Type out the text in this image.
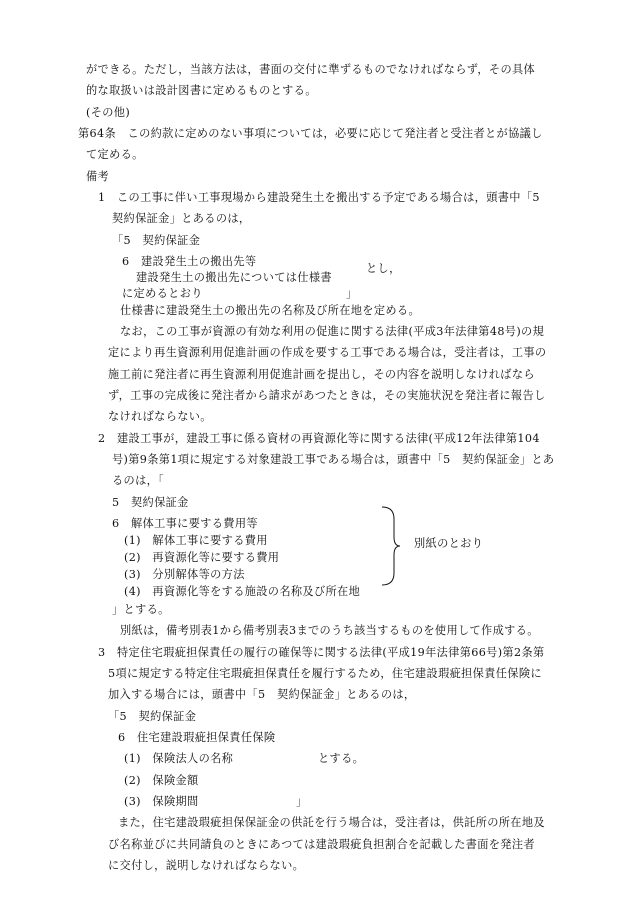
ができる。ただし，当該方法は，書面の交付に準ずるものでなければならず，その具体
的な取扱いは設計図書に定めるものとする。
(その他)
第64条　この約款に定めのない事項については，必要に応じて発注者と受注者とが協議し
て定める。
備考
1　この工事に伴い工事現場から建設発生土を搬出する予定である場合は，頭書中「5
契約保証金」とあるのは，
「5　契約保証金
6　建設発生土の搬出先等
建設発生土の搬出先については仕様書
とし，
に定めるとおり	」
仕様書に建設発生土の搬出先の名称及び所在地を定める。
なお，この工事が資源の有効な利用の促進に関する法律(平成3年法律第48号)の規
定により再生資源利用促進計画の作成を要する工事である場合は，受注者は，工事の
施工前に発注者に再生資源利用促進計画を提出し，その内容を説明しなければなら
ず，工事の完成後に発注者から請求があつたときは，その実施状況を発注者に報告し
なければならない。
2　建設工事が，建設工事に係る資材の再資源化等に関する法律(平成12年法律第104
号)第9条第1項に規定する対象建設工事である場合は，頭書中「5　契約保証金」とあ
るのは，「
5　契約保証金
6　解体工事に要する費用等
(1)　解体工事に要する費用
(2)　再資源化等に要する費用
(3)　分別解体等の方法
(4)　再資源化等をする施設の名称及び所在地
別紙のとおり
」とする。
別紙は，備考別表1から備考別表3までのうち該当するものを使用して作成する。
3　特定住宅瑕疵担保責任の履行の確保等に関する法律(平成19年法律第66号)第2条第
5項に規定する特定住宅瑕疵担保責任を履行するため，住宅建設瑕疵担保責任保険に
加入する場合には，頭書中「5　契約保証金」とあるのは，
「5　契約保証金
6　住宅建設瑕疵担保責任保険
(1)　保険法人の名称	とする。
(2)　保険金額
(3)　保険期間	」
また，住宅建設瑕疵担保保証金の供託を行う場合は，受注者は，供託所の所在地及
び名称並びに共同請負のときにあつては建設瑕疵負担割合を記載した書面を発注者
に交付し，説明しなければならない。
